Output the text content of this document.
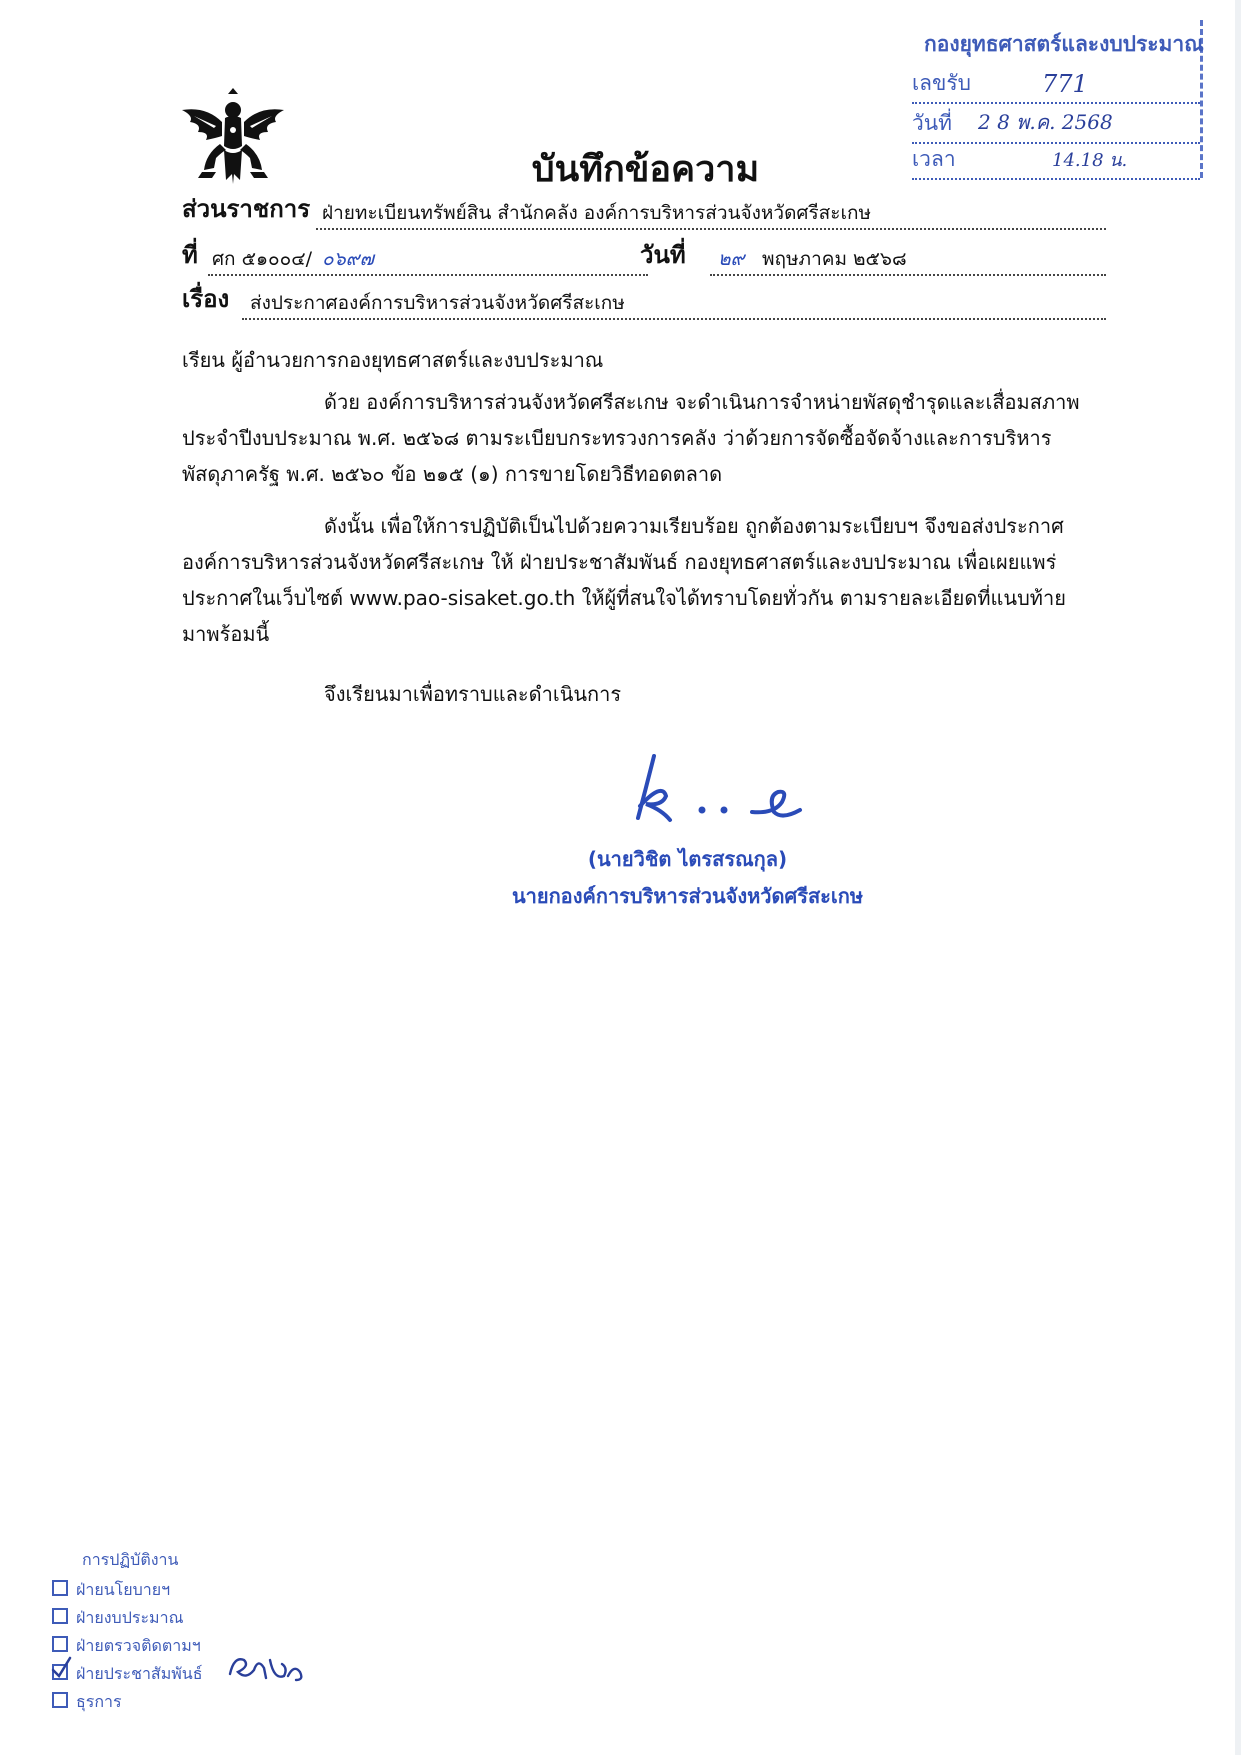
กองยุทธศาสตร์และงบประมาณ
เลขรับ	771
วันที่ 2 8 พ.ค. 2568
เวลา	14.18 น.
บันทึกข้อความ
ส่วนราชการ ฝ่ายทะเบียนทรัพย์สิน สำนักคลัง องค์การบริหารส่วนจังหวัดศรีสะเกษ
ที่ ศก ๕๑๐๐๔/ ๐๖๙๗	วันที่ ๒๙ พฤษภาคม ๒๕๖๘
เรื่อง ส่งประกาศองค์การบริหารส่วนจังหวัดศรีสะเกษ
เรียน ผู้อำนวยการกองยุทธศาสตร์และงบประมาณ
ด้วย องค์การบริหารส่วนจังหวัดศรีสะเกษ จะดำเนินการจำหน่ายพัสดุชำรุดและเสื่อมสภาพ
ประจำปีงบประมาณ พ.ศ. ๒๕๖๘ ตามระเบียบกระทรวงการคลัง ว่าด้วยการจัดซื้อจัดจ้างและการบริหาร
พัสดุภาครัฐ พ.ศ. ๒๕๖๐ ข้อ ๒๑๕ (๑) การขายโดยวิธีทอดตลาด
ดังนั้น เพื่อให้การปฏิบัติเป็นไปด้วยความเรียบร้อย ถูกต้องตามระเบียบฯ จึงขอส่งประกาศ
องค์การบริหารส่วนจังหวัดศรีสะเกษ ให้ ฝ่ายประชาสัมพันธ์ กองยุทธศาสตร์และงบประมาณ เพื่อเผยแพร่
ประกาศในเว็บไซต์ www.pao-sisaket.go.th ให้ผู้ที่สนใจได้ทราบโดยทั่วกัน ตามรายละเอียดที่แนบท้าย
มาพร้อมนี้
จึงเรียนมาเพื่อทราบและดำเนินการ
(นายวิชิต ไตรสรณกุล)
นายกองค์การบริหารส่วนจังหวัดศรีสะเกษ
การปฏิบัติงาน
ฝ่ายนโยบายฯ
ฝ่ายงบประมาณ
ฝ่ายตรวจติดตามฯ
ฝ่ายประชาสัมพันธ์
ธุรการ
